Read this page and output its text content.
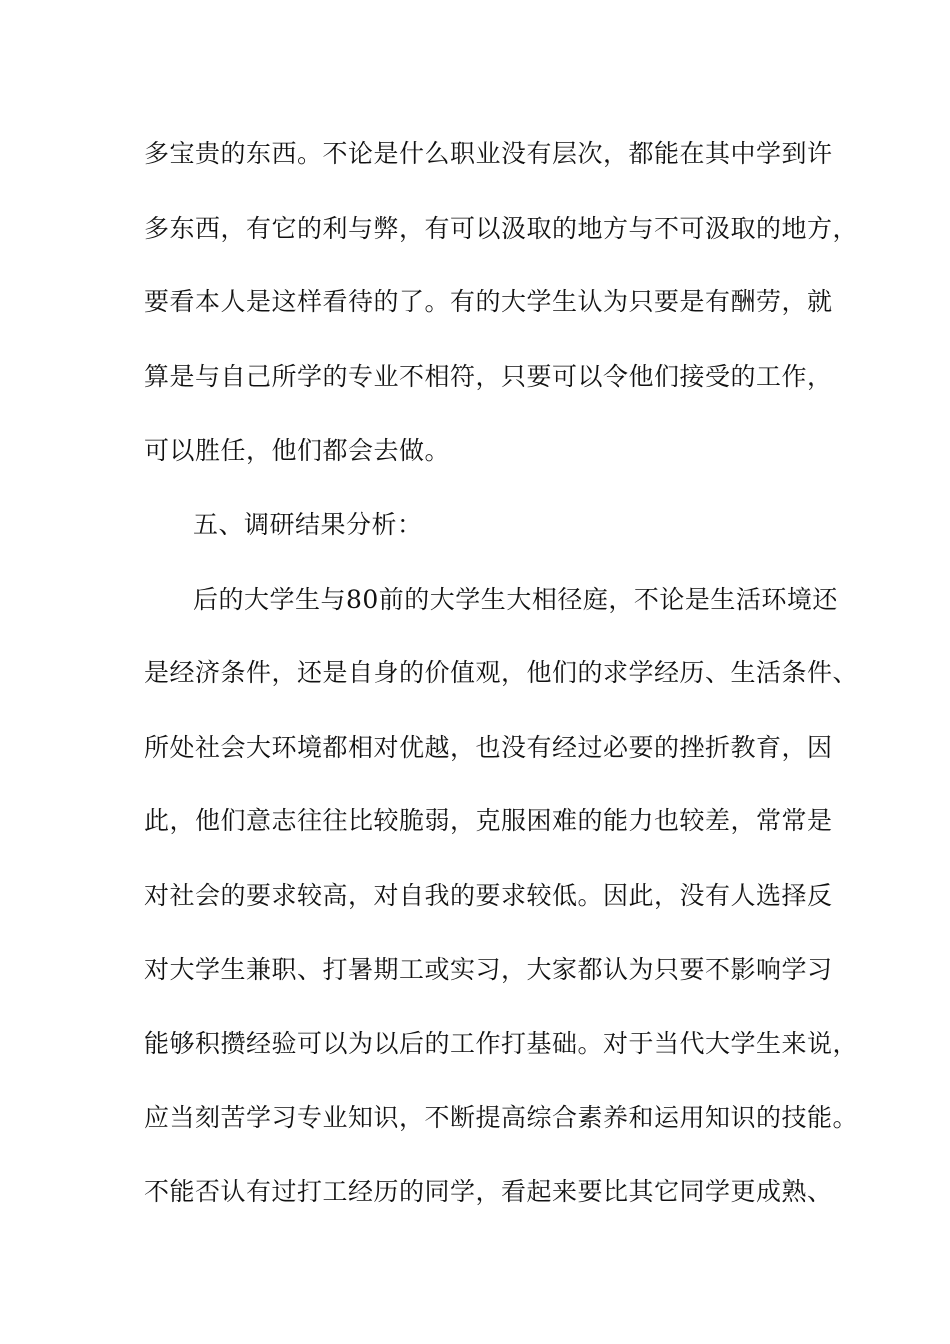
多宝贵的东西。不论是什么职业没有层次，都能在其中学到许
多东西，有它的利与弊，有可以汲取的地方与不可汲取的地方，
要看本人是这样看待的了。有的大学生认为只要是有酬劳，就
算是与自己所学的专业不相符，只要可以令他们接受的工作，
可以胜任，他们都会去做。
五、调研结果分析：
后的大学生与80前的大学生大相径庭，不论是生活环境还
是经济条件，还是自身的价值观，他们的求学经历、生活条件、
所处社会大环境都相对优越，也没有经过必要的挫折教育，因
此，他们意志往往比较脆弱，克服困难的能力也较差，常常是
对社会的要求较高，对自我的要求较低。因此，没有人选择反
对大学生兼职、打暑期工或实习，大家都认为只要不影响学习
能够积攒经验可以为以后的工作打基础。对于当代大学生来说，
应当刻苦学习专业知识，不断提高综合素养和运用知识的技能。
不能否认有过打工经历的同学，看起来要比其它同学更成熟、
